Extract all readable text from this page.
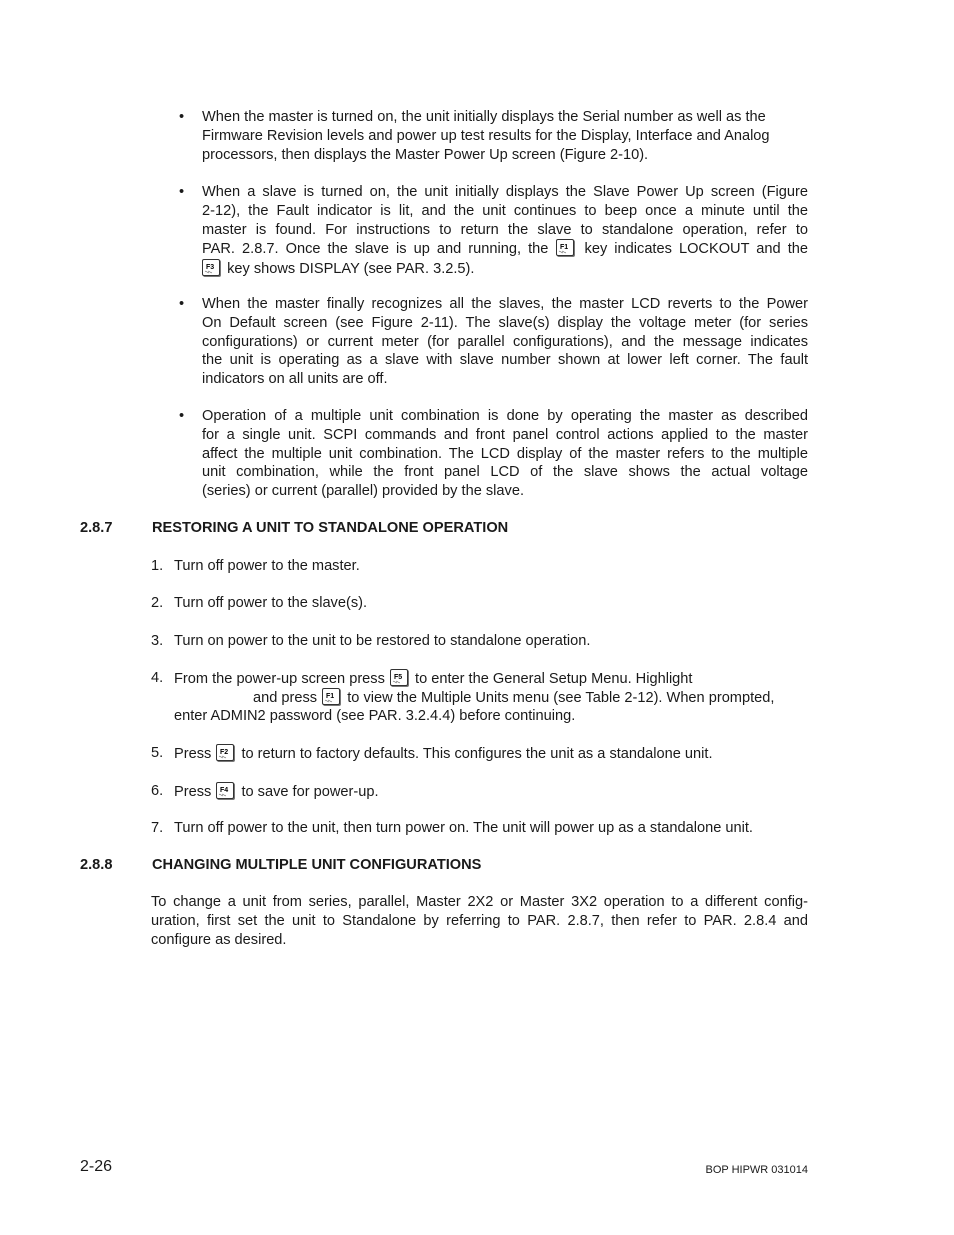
•	When the master is turned on, the unit initially displays the Serial number as well as the
Firmware Revision levels and power up test results for the Display, Interface and Analog
processors, then displays the Master Power Up screen (Figure 2-10).
•	When a slave is turned on, the unit initially displays the Slave Power Up screen (Figure
2-12), the Fault indicator is lit, and the unit continues to beep once a minute until the
master is found. For instructions to return the slave to standalone operation, refer to
PAR. 2.8.7. Once the slave is up and running, the F1 key indicates LOCKOUT and the
F3 key shows DISPLAY (see PAR. 3.2.5).
•	When the master finally recognizes all the slaves, the master LCD reverts to the Power
On Default screen (see Figure 2-11). The slave(s) display the voltage meter (for series
configurations) or current meter (for parallel configurations), and the message indicates
the unit is operating as a slave with slave number shown at lower left corner. The fault
indicators on all units are off.
•	Operation of a multiple unit combination is done by operating the master as described
for a single unit. SCPI commands and front panel control actions applied to the master
affect the multiple unit combination. The LCD display of the master refers to the multiple
unit combination, while the front panel LCD of the slave shows the actual voltage
(series) or current (parallel) provided by the slave.
2.8.7	RESTORING A UNIT TO STANDALONE OPERATION
1. Turn off power to the master.
2. Turn off power to the slave(s).
3. Turn on power to the unit to be restored to standalone operation.
4. From the power-up screen press F5 to enter the General Setup Menu. Highlight
and press F1 to view the Multiple Units menu (see Table 2-12). When prompted,
enter ADMIN2 password (see PAR. 3.2.4.4) before continuing.
5. Press F2 to return to factory defaults. This configures the unit as a standalone unit.
6. Press F4 to save for power-up.
7. Turn off power to the unit, then turn power on. The unit will power up as a standalone unit.
2.8.8	CHANGING MULTIPLE UNIT CONFIGURATIONS
To change a unit from series, parallel, Master 2X2 or Master 3X2 operation to a different config-
uration, first set the unit to Standalone by referring to PAR. 2.8.7, then refer to PAR. 2.8.4 and
configure as desired.
2-26	BOP HIPWR 031014
